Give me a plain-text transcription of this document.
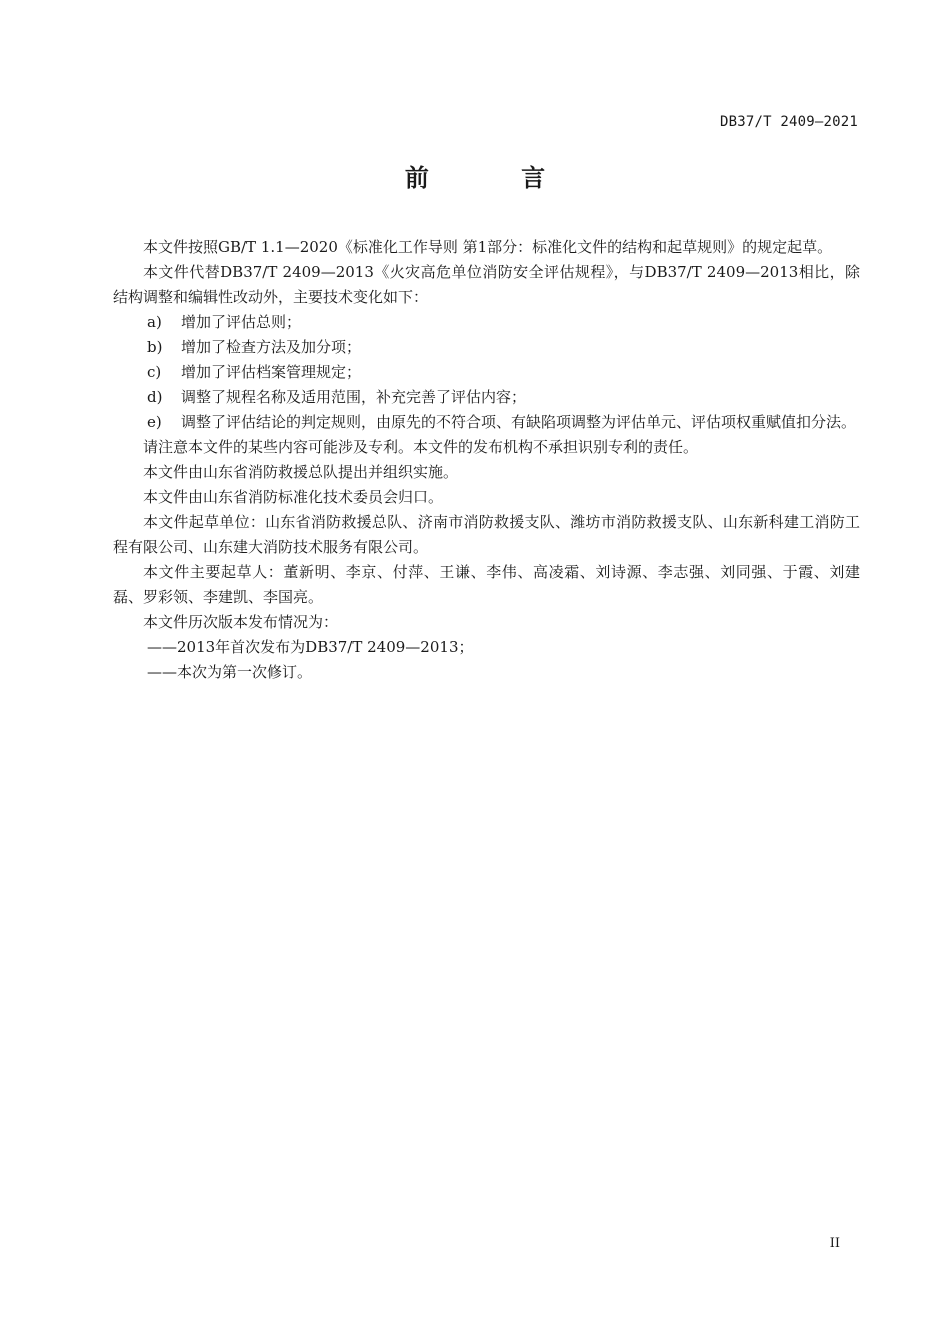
DB37/T 2409—2021
前 言

本文件按照GB/T 1.1—2020《标准化工作导则 第1部分：标准化文件的结构和起草规则》的规定起草。

本文件代替DB37/T 2409—2013《火灾高危单位消防安全评估规程》，与DB37/T 2409—2013相比，除结构调整和编辑性改动外，主要技术变化如下：

a)	增加了评估总则；
b)	增加了检查方法及加分项；
c)	增加了评估档案管理规定；
d)	调整了规程名称及适用范围，补充完善了评估内容；
e)	调整了评估结论的判定规则，由原先的不符合项、有缺陷项调整为评估单元、评估项权重赋值扣分法。

请注意本文件的某些内容可能涉及专利。本文件的发布机构不承担识别专利的责任。

本文件由山东省消防救援总队提出并组织实施。

本文件由山东省消防标准化技术委员会归口。

本文件起草单位：山东省消防救援总队、济南市消防救援支队、潍坊市消防救援支队、山东新科建工消防工程有限公司、山东建大消防技术服务有限公司。

本文件主要起草人：董新明、李京、付萍、王谦、李伟、高凌霜、刘诗源、李志强、刘同强、于霞、刘建磊、罗彩领、李建凯、李国亮。

本文件历次版本发布情况为：

——2013年首次发布为DB37/T 2409—2013；

——本次为第一次修订。

II
